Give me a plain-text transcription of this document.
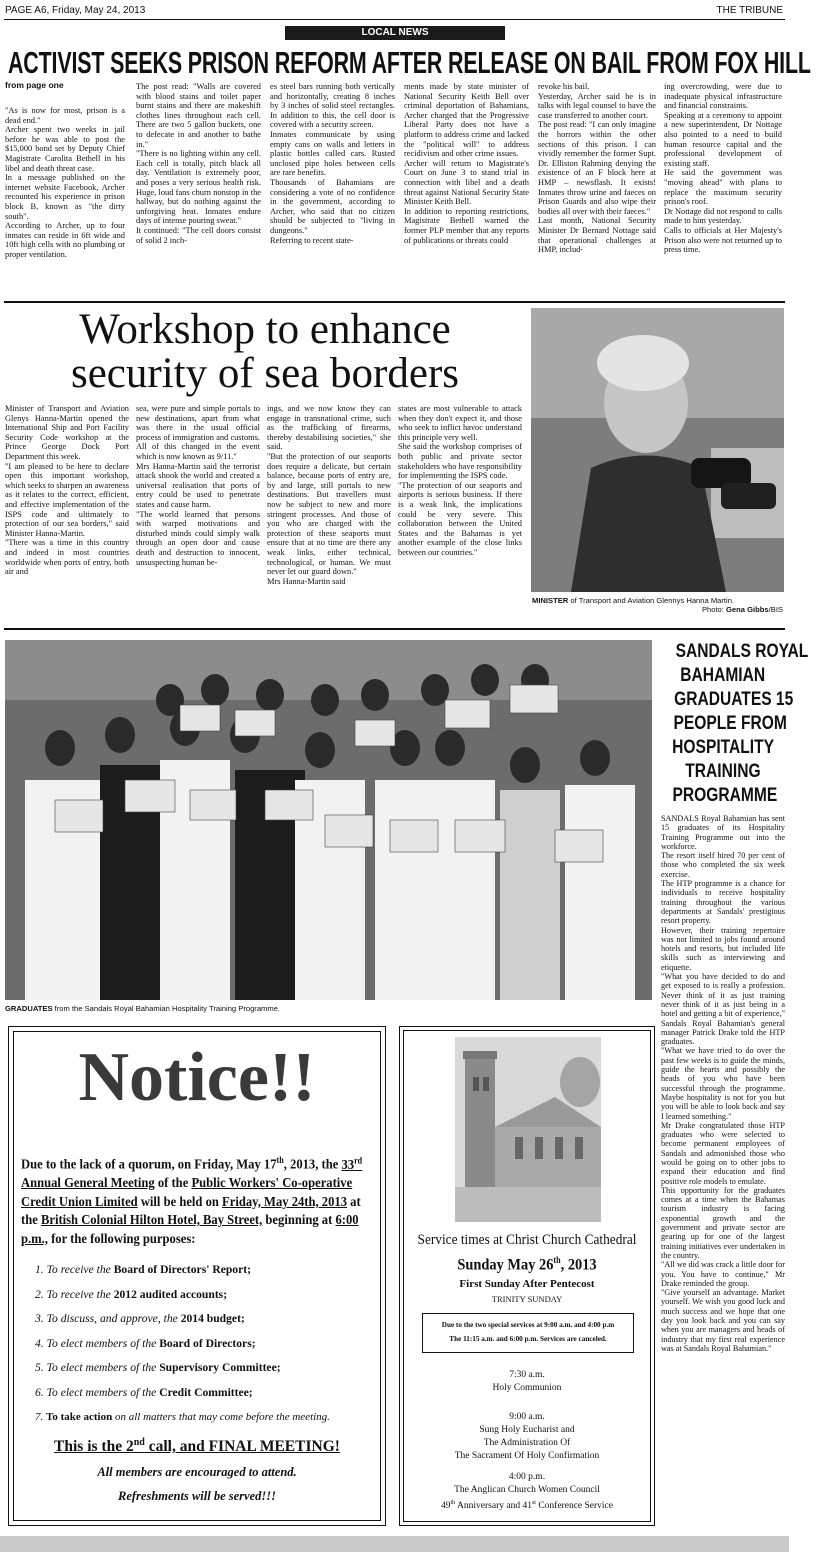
PAGE A6, Friday, May 24, 2013	THE TRIBUNE
LOCAL NEWS
ACTIVIST SEEKS PRISON REFORM AFTER RELEASE ON BAIL FROM FOX HILL
from page one
"As is now for most, prison is a dead end."
Archer spent two weeks in jail before he was able to post the $15,000 bond set by Deputy Chief Magistrate Carolita Bethell in his libel and death threat case.
In a message published on the internet website Facebook, Archer recounted his experience in prison block B, known as "the dirty south".
According to Archer, up to four inmates can reside in 6ft wide and 10ft high cells with no plumbing or proper ventilation.
The post read: "Walls are covered with blood stains and toilet paper burnt stains and there are makeshift clothes lines throughout each cell. There are two 5 gallon buckets, one to defecate in and another to bathe in."
"There is no lighting within any cell. Each cell is totally, pitch black all day. Ventilation is extremely poor, and poses a very serious health risk. Huge, loud fans churn nonstop in the hallway, but do nothing against the unforgiving heat. Inmates endure days of intense pouring sweat."
It continued: "The cell doors consist of solid 2 inch-
es steel bars running both vertically and horizontally, creating 8 inches by 3 inches of solid steel rectangles. In addition to this, the cell door is covered with a security screen.
Inmates communicate by using empty cans on walls and letters in plastic bottles called cars. Rusted unclosed pipe holes between cells are rare benefits.
Thousands of Bahamians are considering a vote of no confidence in the government, according to Archer, who said that no citizen should be subjected to "living in dungeons."
Referring to recent state-
ments made by state minister of National Security Keith Bell over criminal deportation of Bahamians, Archer charged that the Progressive Liberal Party does not have a platform to address crime and lacked the "political will" to address recidivism and other crime issues.
Archer will return to Magistrate's Court on June 3 to stand trial in connection with libel and a death threat against National Security State Minister Keith Bell.
In addition to reporting restrictions, Magistrate Bethell warned the former PLP member that any reports of publications or threats could
revoke his bail.
Yesterday, Archer said he is in talks with legal counsel to have the case transferred to another court.
The post read: "I can only imagine the horrors within the other sections of this prison. I can vividly remember the former Supt. Dr. Elliston Rahming denying the existence of an F block here at HMP – newsflash. It exists! Inmates throw urine and faeces on Prison Guards and also wipe their bodies all over with their faeces."
Last month, National Security Minister Dr Bernard Nottage said that operational challenges at HMP, includ-
ing overcrowding, were due to inadequate physical infrastructure and financial constraints.
Speaking at a ceremony to appoint a new superintendent, Dr Nottage also pointed to a need to build human resource capital and the professional development of existing staff.
He said the government was "moving ahead" with plans to replace the maximum security prison's roof.
Dr Nottage did not respond to calls made to him yesterday.
Calls to officials at Her Majesty's Prison also were not returned up to press time.
Workshop to enhance
security of sea borders
Minister of Transport and Aviation Glenys Hanna-Martin opened the International Ship and Port Facility Security Code workshop at the Prince George Dock Port Department this week.
"I am pleased to be here to declare open this important workshop, which seeks to sharpen an awareness as it relates to the correct, efficient, and effective implementation of the ISPS code and ultimately to protection of our sea borders," said Minister Hanna-Martin.
"There was a time in this country and indeed in most countries worldwide when ports of entry, both air and
sea, were pure and simple portals to new destinations, apart from what was there in the usual official process of immigration and customs. All of this changed in the event which is now known as 9/11."
Mrs Hanna-Martin said the terrorist attack shook the world and created a universal realisation that ports of entry could be used to penetrate states and cause harm.
"The world learned that persons with warped motivations and disturbed minds could simply walk through an open door and cause death and destruction to innocent, unsuspecting human be-
ings, and we now know they can engage in transnational crime, such as the trafficking of firearms, thereby destabilising societies," she said.
"But the protection of our seaports does require a delicate, but certain balance, because ports of entry are, by and large, still portals to new destinations. But travellers must now be subject to new and more stringent processes. And those of you who are charged with the protection of these seaports must ensure that at no time are there any weak links, either technical, technological, or human. We must never let our guard down."
Mrs Hanna-Martin said
states are most vulnerable to attack when they don't expect it, and those who seek to inflict havoc understand this principle very well.
She said the workshop comprises of both public and private sector stakeholders who have responsibility for implementing the ISPS code.
"The protection of our seaports and airports is serious business. If there is a weak link, the implications could be very severe. This collaboration between the United States and the Bahamas is yet another example of the close links between our countries."
MINISTER of Transport and Aviation Glennys Hanna Martin.
Photo: Gena Gibbs/BIS
GRADUATES from the Sandals Royal Bahamian Hospitality Training Programme.
SANDALS ROYAL BAHAMIAN GRADUATES 15 PEOPLE FROM HOSPITALITY TRAINING PROGRAMME
SANDALS Royal Bahamian has sent 15 graduates of its Hospitality Training Programme out into the workforce.
The resort itself hired 70 per cent of those who completed the six week exercise.
The HTP programme is a chance for individuals to receive hospitality training throughout the various departments at Sandals' prestigious resort property.
However, their training repertoire was not limited to jobs found around hotels and resorts, but included life skills such as interviewing and etiquette.
"What you have decided to do and get exposed to is really a profession. Never think of it as just training never think of it as just being in a hotel and getting a bit of experience," Sandals Royal Bahamian's general manager Patrick Drake told the HTP graduates.
"What we have tried to do over the past few weeks is to guide the minds, guide the hearts and possibly the heads of you who have been successful through the programme. Maybe hospitality is not for you but you will be able to look back and say I learned something."
Mr Drake congratulated those HTP graduates who were selected to become permanent employees of Sandals and admonished those who would be going on to other jobs to expand their education and find positive role models to emulate.
This opportunity for the graduates comes at a time when the Bahamas tourism industry is facing exponential growth and the government and private sector are gearing up for one of the largest training initiatives ever undertaken in the country.
"All we did was crack a little door for you. You have to continue," Mr Drake reminded the group.
"Give yourself an advantage. Market yourself. We wish you good luck and much success and we hope that one day you look back and you can say when you are managers and heads of industry that my first real experience was at Sandals Royal Bahamian."
Notice!!
Due to the lack of a quorum, on Friday, May 17th, 2013, the 33rd Annual General Meeting of the Public Workers' Co-operative Credit Union Limited will be held on Friday, May 24th, 2013 at the British Colonial Hilton Hotel, Bay Street, beginning at 6:00 p.m., for the following purposes:
1. To receive the Board of Directors' Report;
2. To receive the 2012 audited accounts;
3. To discuss, and approve, the 2014 budget;
4. To elect members of the Board of Directors;
5. To elect members of the Supervisory Committee;
6. To elect members of the Credit Committee;
7. To take action on all matters that may come before the meeting.
This is the 2nd call, and FINAL MEETING!
All members are encouraged to attend.
Refreshments will be served!!!
Service times at Christ Church Cathedral
Sunday May 26th, 2013
First Sunday After Pentecost
TRINITY SUNDAY
Due to the two special services at 9:00 a.m. and 4:00 p.m
The 11:15 a.m. and 6:00 p.m. Services are canceled.
7:30 a.m.
Holy Communion
9:00 a.m.
Sung Holy Eucharist and
The Administration Of
The Sacrament Of Holy Confirmation
4:00 p.m.
The Anglican Church Women Council
49th Anniversary and 41st Conference Service
